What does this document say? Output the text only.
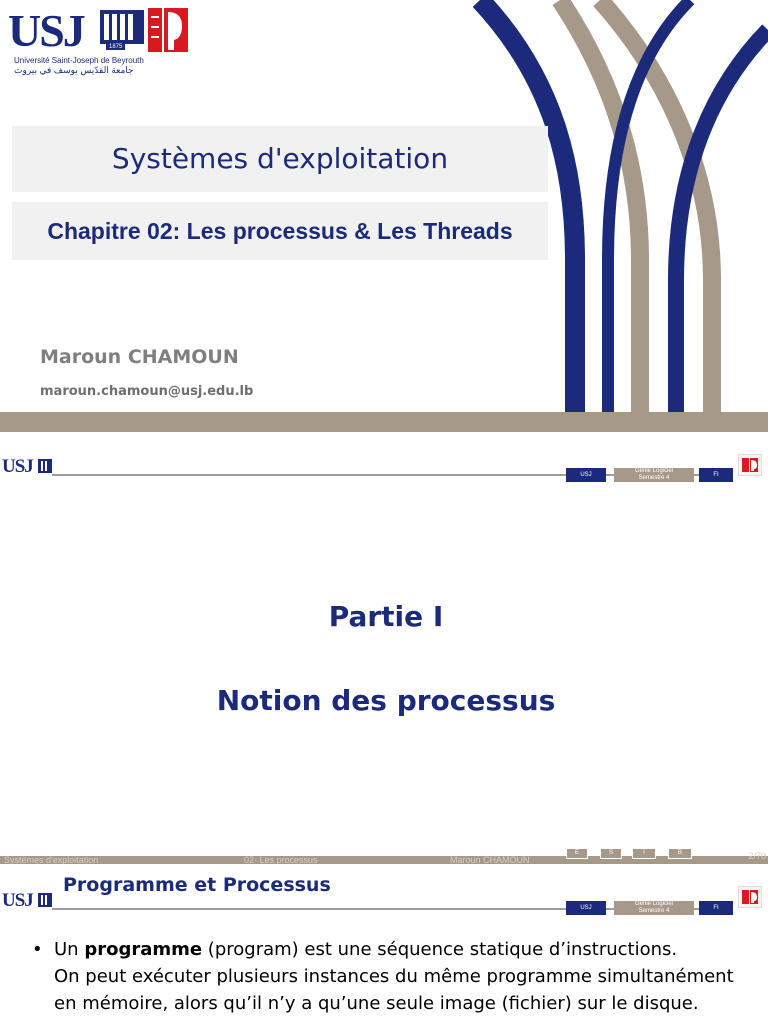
USJ	1875
Université Saint-Joseph de Beyrouth
جامعة القدّيس يوسف في بيروت
Systèmes d'exploitation
Chapitre 02: Les processus & Les Threads
Maroun CHAMOUN
maroun.chamoun@usj.edu.lb
USJ	USJ
Genie Logiciel
Semestre 4	FI
Partie I
Notion des processus
Systèmes d'exploitation	02- Les processus	Maroun CHAMOUN
E	S	I	B	2/70
USJ
Programme et Processus
USJ
Genie Logiciel
Semestre 4	FI
• Un programme (program) est une séquence statique d’instructions.
On peut exécuter plusieurs instances du même programme simultanément
en mémoire, alors qu’il n’y a qu’une seule image (fichier) sur le disque.
